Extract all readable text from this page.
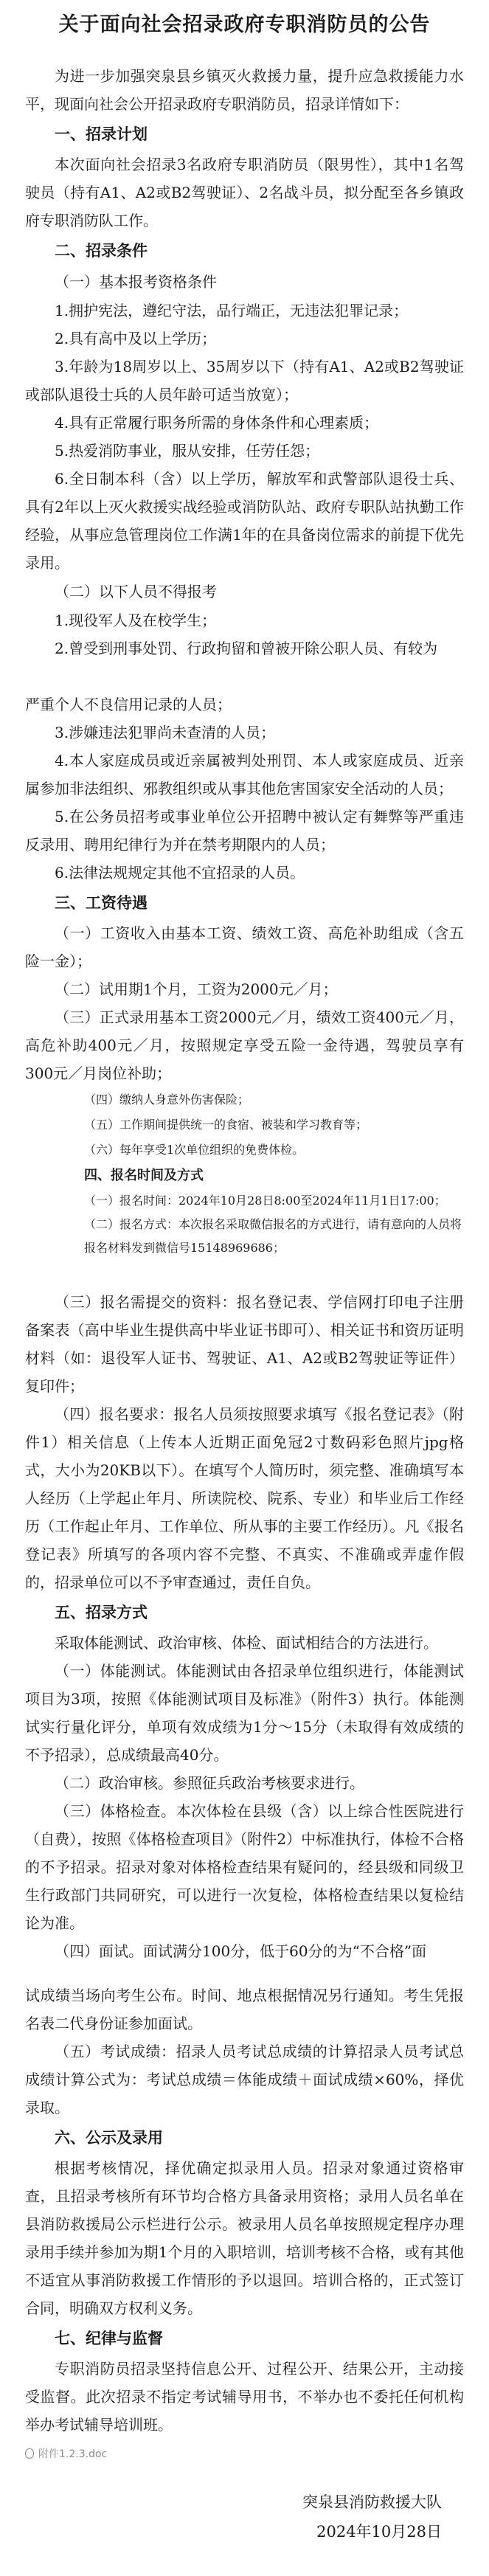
关于面向社会招录政府专职消防员的公告

为进一步加强突泉县乡镇灭火救援力量，提升应急救援能力水平，现面向社会公开招录政府专职消防员，招录详情如下：

一、招录计划

本次面向社会招录3名政府专职消防员（限男性），其中1名驾驶员（持有A1、A2或B2驾驶证）、2名战斗员，拟分配至各乡镇政府专职消防队工作。

二、招录条件
（一）基本报考资格条件

1.拥护宪法，遵纪守法，品行端正，无违法犯罪记录；

2.具有高中及以上学历；

3.年龄为18周岁以上、35周岁以下（持有A1、A2或B2驾驶证或部队退役士兵的人员年龄可适当放宽）；

4.具有正常履行职务所需的身体条件和心理素质；

5.热爱消防事业，服从安排，任劳任怨；

6.全日制本科（含）以上学历，解放军和武警部队退役士兵、具有2年以上灭火救援实战经验或消防队站、政府专职队站执勤工作经验，从事应急管理岗位工作满1年的在具备岗位需求的前提下优先录用。

（二）以下人员不得报考

1.现役军人及在校学生；

2.曾受到刑事处罚、行政拘留和曾被开除公职人员、有较为

严重个人不良信用记录的人员；

3.涉嫌违法犯罪尚未查清的人员；

4.本人家庭成员或近亲属被判处刑罚、本人或家庭成员、近亲属参加非法组织、邪教组织或从事其他危害国家安全活动的人员；

5.在公务员招考或事业单位公开招聘中被认定有舞弊等严重违反录用、聘用纪律行为并在禁考期限内的人员；

6.法律法规规定其他不宜招录的人员。

三、工资待遇

（一）工资收入由基本工资、绩效工资、高危补助组成（含五险一金）；

（二）试用期1个月，工资为2000元／月；

（三）正式录用基本工资2000元／月，绩效工资400元／月，高危补助400元／月，按照规定享受五险一金待遇，驾驶员享有300元／月岗位补助；

（四）缴纳人身意外伤害保险；
（五）工作期间提供统一的食宿、被装和学习教育等；
（六）每年享受1次单位组织的免费体检。
四、报名时间及方式
（一）报名时间：2024年10月28日8:00至2024年11月1日17:00；
（二）报名方式：本次报名采取微信报名的方式进行，请有意向的人员将报名材料发到微信号15148969686；

（三）报名需提交的资料：报名登记表、学信网打印电子注册备案表（高中毕业生提供高中毕业证书即可）、相关证书和资历证明材料（如：退役军人证书、驾驶证、A1、A2或B2驾驶证等证件）复印件；

（四）报名要求：报名人员须按照要求填写《报名登记表》（附件1）相关信息（上传本人近期正面免冠2寸数码彩色照片jpg格式，大小为20KB以下）。在填写个人简历时，须完整、准确填写本人经历（上学起止年月、所读院校、院系、专业）和毕业后工作经历（工作起止年月、工作单位、所从事的主要工作经历）。凡《报名登记表》所填写的各项内容不完整、不真实、不准确或弄虚作假的，招录单位可以不予审查通过，责任自负。

五、招录方式

采取体能测试、政治审核、体检、面试相结合的方法进行。

（一）体能测试。体能测试由各招录单位组织进行，体能测试项目为3项，按照《体能测试项目及标准》（附件3）执行。体能测试实行量化评分，单项有效成绩为1分～15分（未取得有效成绩的不予招录），总成绩最高40分。

（二）政治审核。参照征兵政治考核要求进行。

（三）体格检查。本次体检在县级（含）以上综合性医院进行（自费），按照《体格检查项目》（附件2）中标准执行，体检不合格的不予招录。招录对象对体格检查结果有疑问的，经县级和同级卫生行政部门共同研究，可以进行一次复检，体格检查结果以复检结论为准。

（四）面试。面试满分100分，低于60分的为“不合格”面

试成绩当场向考生公布。时间、地点根据情况另行通知。考生凭报名表二代身份证参加面试。

（五）考试成绩：招录人员考试总成绩的计算招录人员考试总成绩计算公式为：考试总成绩＝体能成绩＋面试成绩×60%，择优录取。

六、公示及录用

根据考核情况，择优确定拟录用人员。招录对象通过资格审查，且招录考核所有环节均合格方具备录用资格；录用人员名单在县消防救援局公示栏进行公示。被录用人员名单按照规定程序办理录用手续并参加为期1个月的入职培训，培训考核不合格，或有其他不适宜从事消防救援工作情形的予以退回。培训合格的，正式签订合同，明确双方权利义务。

七、纪律与监督

专职消防员招录坚持信息公开、过程公开、结果公开，主动接受监督。此次招录不指定考试辅导用书，不举办也不委托任何机构举办考试辅导培训班。

附件1.2.3.doc
突泉县消防救援大队
2024年10月28日
